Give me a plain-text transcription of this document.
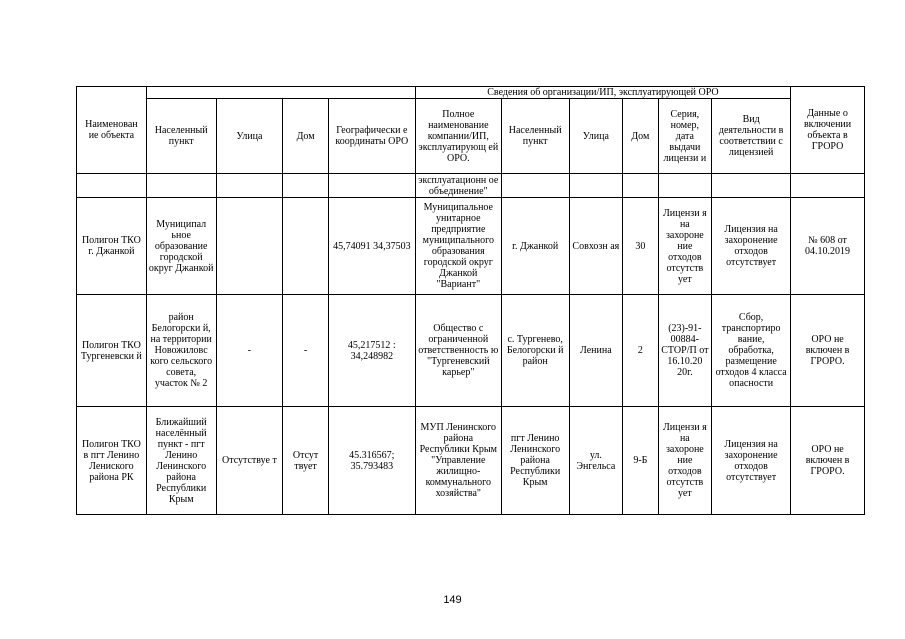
Наименован ие объекта					Сведения об организации/ИП, эксплуатирующей ОРО						Данные о включении объекта в ГРОРО
	Населенный пункт	Улица	Дом	Географически е координаты ОРО	Полное наименование компании/ИП, эксплуатирующ ей ОРО.	Населенный пункт	Улица	Дом	Серия, номер, дата выдачи лицензи и	Вид деятельности в соответствии с лицензией	
					эксплуатационн ое объединение"						
Полигон ТКО г. Джанкой	Муниципал ьное образование городской округ Джанкой			45,74091 34,37503	Муниципальное унитарное предприятие муниципального образования городской округ Джанкой "Вариант"	г. Джанкой	Совхозн ая	30	Лицензи я на захороне ние отходов отсутств ует	Лицензия на захоронение отходов отсутствует	№ 608 от 04.10.2019
Полигон ТКО Тургеневски й	район Белогорски й, на территории Новожиловс кого сельского совета, участок № 2	-	-	45,217512 : 34,248982	Общество с ограниченной ответственность ю "Тургеневский карьер"	с. Тургенево, Белогорски й район	Ленина	2	(23)-91-00884-СТОР/П от 16.10.20 20г.	Сбор, транспортиро вание, обработка, размещение отходов 4 класса опасности	ОРО не включен в ГРОРО.
Полигон ТКО в пгт Ленино Лениского района РК	Ближайший населённый пункт - пгт Ленино Ленинского района Республики Крым	Отсутствуе т	Отсут твует	45.316567; 35.793483	МУП Ленинского района Республики Крым "Управление жилищно-коммунального хозяйства"	пгт Ленино Ленинского района Республики Крым	ул. Энгельса	9-Б	Лицензи я на захороне ние отходов отсутств ует	Лицензия на захоронение отходов отсутствует	ОРО не включен в ГРОРО.
149
